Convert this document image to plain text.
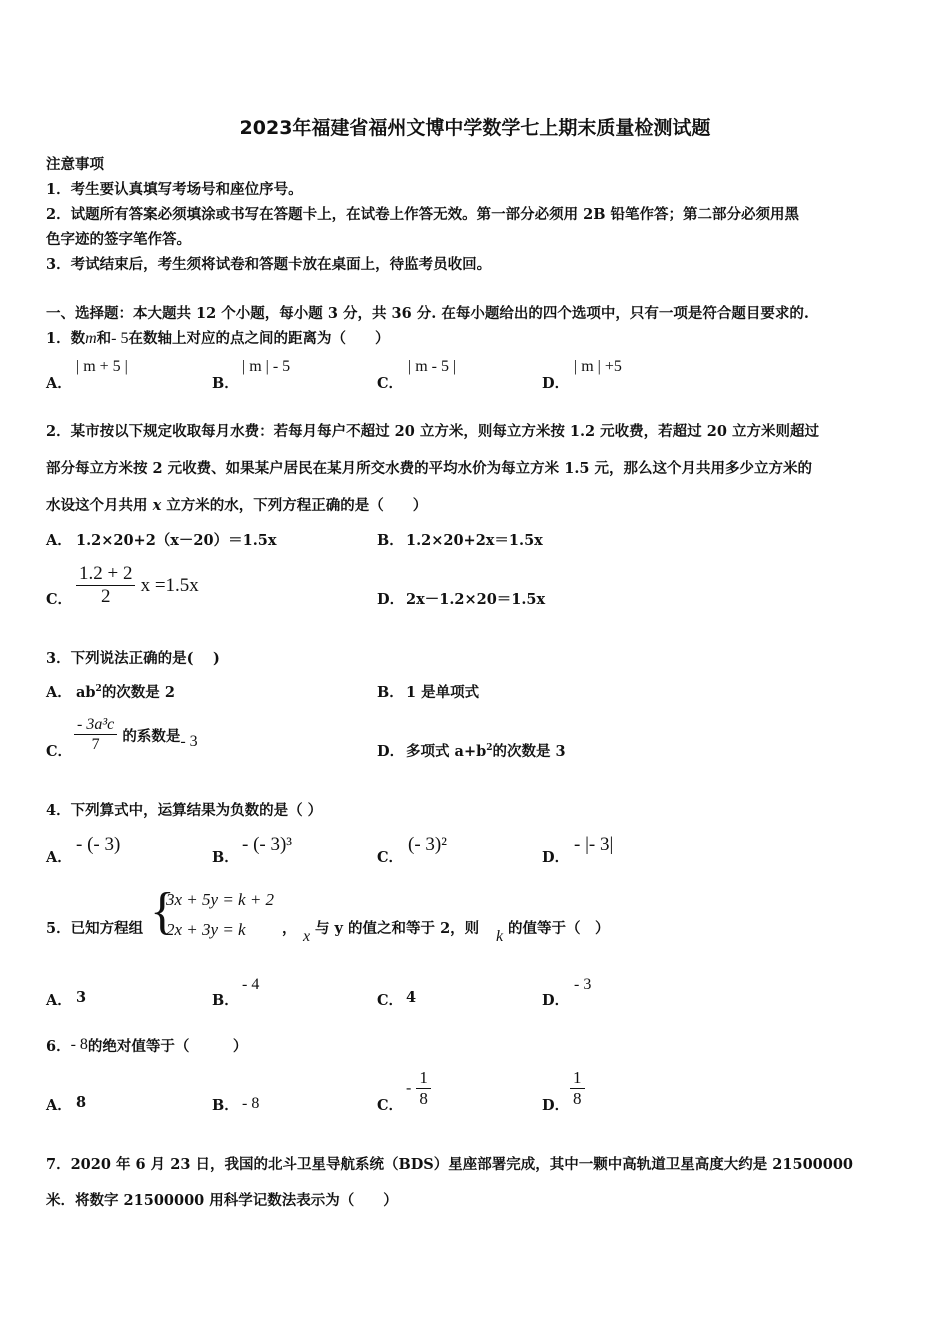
2023年福建省福州文博中学数学七上期末质量检测试题
注意事项
1．考生要认真填写考场号和座位序号。
2．试题所有答案必须填涂或书写在答题卡上，在试卷上作答无效。第一部分必须用 2B 铅笔作答；第二部分必须用黑
色字迹的签字笔作答。
3．考试结束后，考生须将试卷和答题卡放在桌面上，待监考员收回。
一、选择题：本大题共 12 个小题，每小题 3 分，共 36 分. 在每小题给出的四个选项中，只有一项是符合题目要求的.
1．数m和- 5在数轴上对应的点之间的距离为（　　）
A．
| m + 5 |
B．
| m | - 5
C．
| m - 5 |
D．
| m | +5
2．某市按以下规定收取每月水费：若每月每户不超过 20 立方米，则每立方米按 1.2 元收费，若超过 20 立方米则超过
部分每立方米按 2 元收费、如果某户居民在某月所交水费的平均水价为每立方米 1.5 元，那么这个月共用多少立方米的
水设这个月共用 x 立方米的水，下列方程正确的是（　　）
A． 1.2×20+2（x－20）＝1.5x	B． 1.2×20+2x＝1.5x
C． $\frac{1.2 + 2}{2}$ x =1.5x
D． 2x－1.2×20＝1.5x
3．下列说法正确的是( 　)
A． $ab^2$的次数是 2	B． 1 是单项式
C． $\frac{\text{- 3a³c}}{7}$ 的系数是- 3
D． 多项式 $a+b^2$的次数是 3
4．下列算式中，运算结果为负数的是（ ）
A．
- (- 3)
B．
- (- 3)³
C．
(- 3)²
D．
- |- 3|
5．已知方程组 {
3x + 5y = k + 2
2x + 3y = k	， x 与 y 的值之和等于 2，则 k 的值等于（　）
A． 3	B．
- 4
C． 4	D．
- 3
6．- 8的绝对值等于（　　　）
A． 8	B． - 8	C．
- $\frac{1}{8}$	D． $\frac{1}{8}$
7．2020 年 6 月 23 日，我国的北斗卫星导航系统（BDS）星座部署完成，其中一颗中高轨道卫星高度大约是 21500000
米．将数字 21500000 用科学记数法表示为（　　）
